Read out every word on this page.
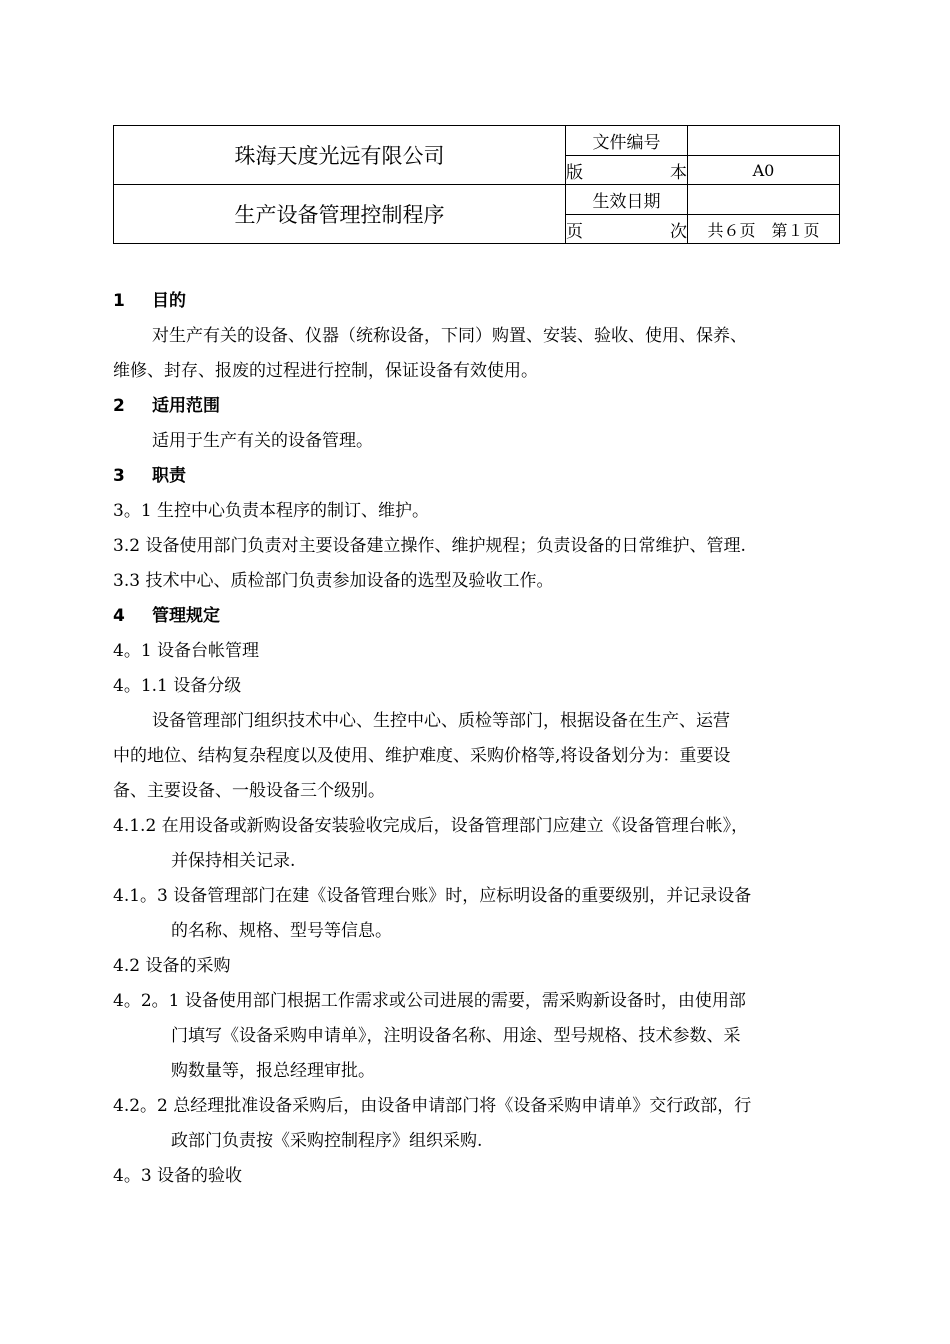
珠海天度光远有限公司	文件编号	
	版 本	A0
生产设备管理控制程序	生效日期	
	页 次	共６页　第１页
1 目的
对生产有关的设备、仪器（统称设备，下同）购置、安装、验收、使用、保养、
维修、封存、报废的过程进行控制，保证设备有效使用。
2 适用范围
适用于生产有关的设备管理。
3 职责
3。1 生控中心负责本程序的制订、维护。
3.2 设备使用部门负责对主要设备建立操作、维护规程；负责设备的日常维护、管理.
3.3 技术中心、质检部门负责参加设备的选型及验收工作。
4 管理规定
4。1 设备台帐管理
4。1.1 设备分级
设备管理部门组织技术中心、生控中心、质检等部门，根据设备在生产、运营
中的地位、结构复杂程度以及使用、维护难度、采购价格等,将设备划分为：重要设
备、主要设备、一般设备三个级别。
4.1.2 在用设备或新购设备安装验收完成后，设备管理部门应建立《设备管理台帐》，
并保持相关记录.
4.1。3 设备管理部门在建《设备管理台账》时，应标明设备的重要级别，并记录设备
的名称、规格、型号等信息。
4.2 设备的采购
4。2。1 设备使用部门根据工作需求或公司进展的需要，需采购新设备时，由使用部
门填写《设备采购申请单》，注明设备名称、用途、型号规格、技术参数、采
购数量等，报总经理审批。
4.2。2 总经理批准设备采购后，由设备申请部门将《设备采购申请单》交行政部，行
政部门负责按《采购控制程序》组织采购.
4。3 设备的验收
